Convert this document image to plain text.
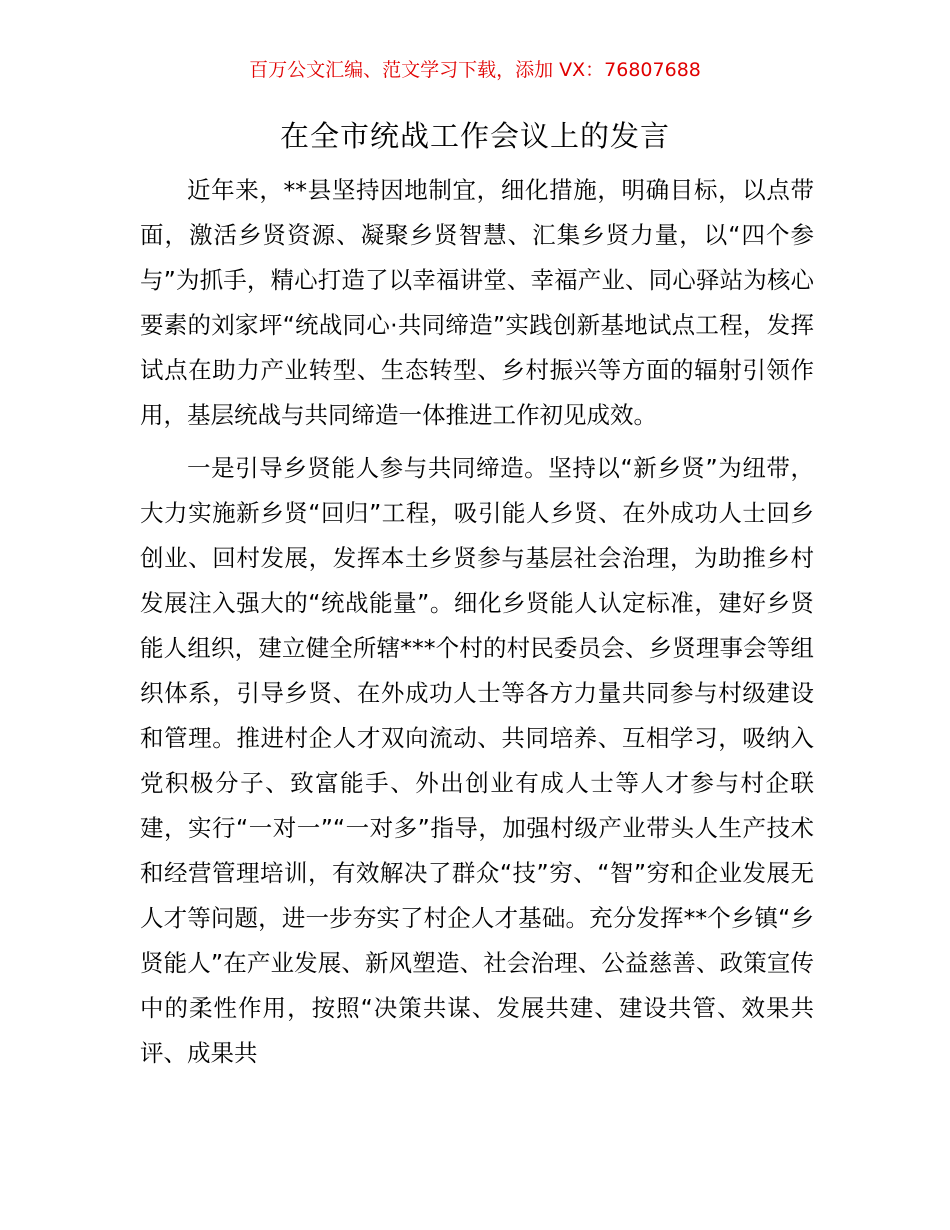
百万公文汇编、范文学习下载，添加 VX：76807688
在全市统战工作会议上的发言

近年来，**县坚持因地制宜，细化措施，明确目标，以点带面，激活乡贤资源、凝聚乡贤智慧、汇集乡贤力量，以“四个参与”为抓手，精心打造了以幸福讲堂、幸福产业、同心驿站为核心要素的刘家坪“统战同心·共同缔造”实践创新基地试点工程，发挥试点在助力产业转型、生态转型、乡村振兴等方面的辐射引领作用，基层统战与共同缔造一体推进工作初见成效。

一是引导乡贤能人参与共同缔造。坚持以“新乡贤”为纽带，大力实施新乡贤“回归”工程，吸引能人乡贤、在外成功人士回乡创业、回村发展，发挥本土乡贤参与基层社会治理，为助推乡村发展注入强大的“统战能量”。细化乡贤能人认定标准，建好乡贤能人组织，建立健全所辖***个村的村民委员会、乡贤理事会等组织体系，引导乡贤、在外成功人士等各方力量共同参与村级建设和管理。推进村企人才双向流动、共同培养、互相学习，吸纳入党积极分子、致富能手、外出创业有成人士等人才参与村企联建，实行“一对一”“一对多”指导，加强村级产业带头人生产技术和经营管理培训，有效解决了群众“技”穷、“智”穷和企业发展无人才等问题，进一步夯实了村企人才基础。充分发挥**个乡镇“乡贤能人”在产业发展、新风塑造、社会治理、公益慈善、政策宣传中的柔性作用，按照“决策共谋、发展共建、建设共管、效果共评、成果共
